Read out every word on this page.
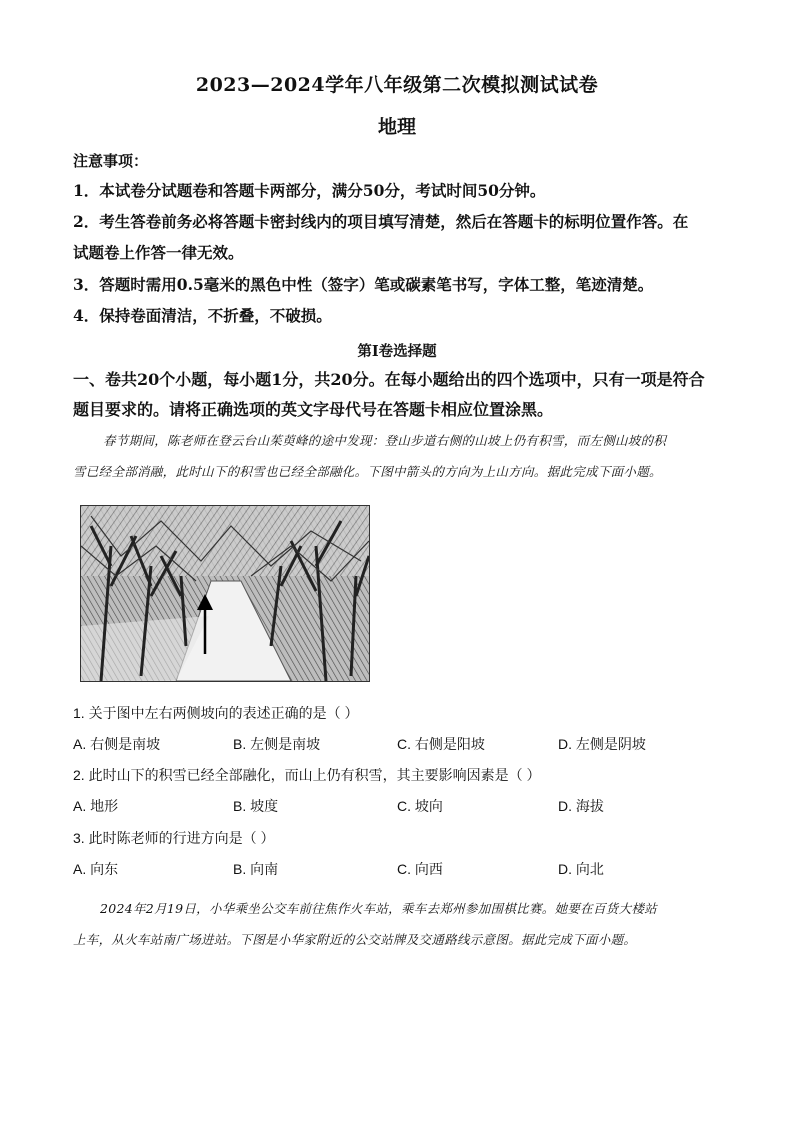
2023—2024学年八年级第二次模拟测试试卷
地理
注意事项：
1．本试卷分试题卷和答题卡两部分，满分50分，考试时间50分钟。
2．考生答卷前务必将答题卡密封线内的项目填写清楚，然后在答题卡的标明位置作答。在
试题卷上作答一律无效。
3．答题时需用0.5毫米的黑色中性（签字）笔或碳素笔书写，字体工整，笔迹清楚。
4．保持卷面清洁，不折叠，不破损。
第Ⅰ卷选择题
一、卷共20个小题，每小题1分，共20分。在每小题给出的四个选项中，只有一项是符合
题目要求的。请将正确选项的英文字母代号在答题卡相应位置涂黑。
春节期间，陈老师在登云台山茱萸峰的途中发现：登山步道右侧的山坡上仍有积雪，而左侧山坡的积
雪已经全部消融，此时山下的积雪也已经全部融化。下图中箭头的方向为上山方向。据此完成下面小题。
1. 关于图中左右两侧坡向的表述正确的是（ ）
A. 右侧是南坡	B. 左侧是南坡	C. 右侧是阳坡	D. 左侧是阴坡
2. 此时山下的积雪已经全部融化，而山上仍有积雪，其主要影响因素是（ ）
A. 地形	B. 坡度	C. 坡向	D. 海拔
3. 此时陈老师的行进方向是（ ）
A. 向东	B. 向南	C. 向西	D. 向北
2024年2月19日，小华乘坐公交车前往焦作火车站，乘车去郑州参加围棋比赛。她要在百货大楼站
上车，从火车站南广场进站。下图是小华家附近的公交站牌及交通路线示意图。据此完成下面小题。
